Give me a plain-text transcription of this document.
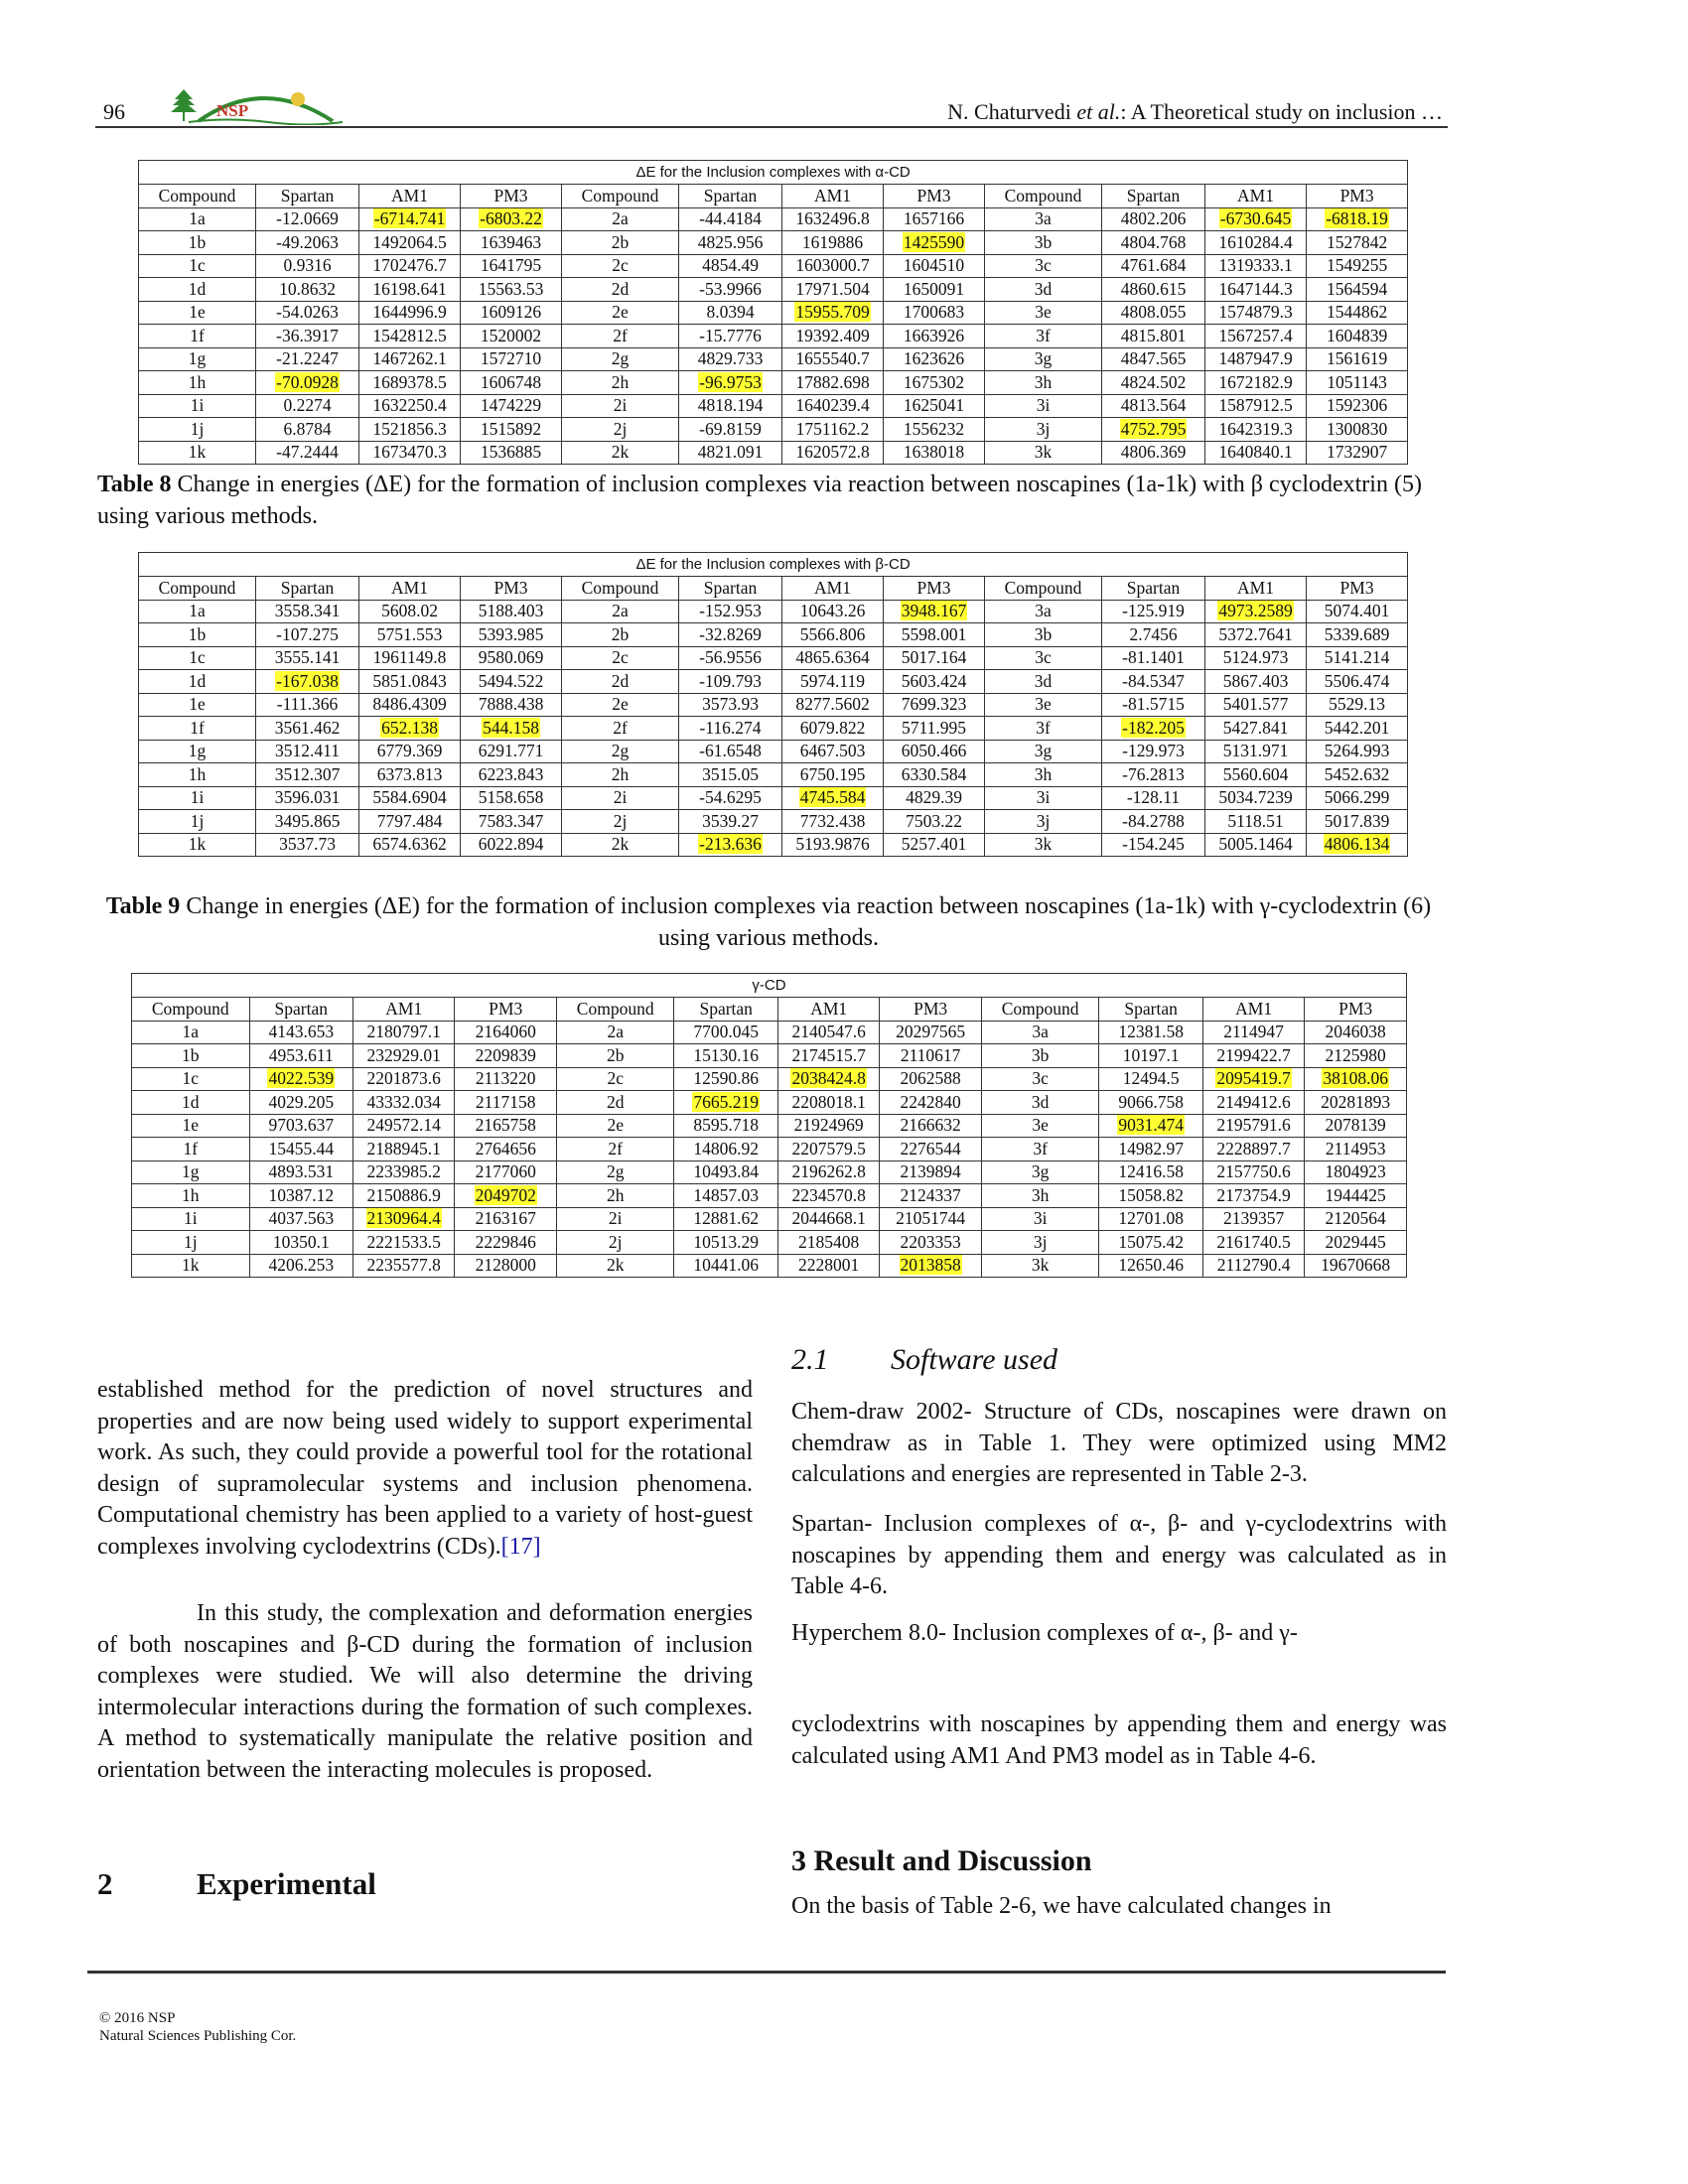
96	NSP	N. Chaturvedi et al.: A Theoretical study on inclusion …
ΔE for the Inclusion complexes with α-CD											
Compound	Spartan	AM1	PM3	Compound	Spartan	AM1	PM3	Compound	Spartan	AM1	PM3
1a	-12.0669	-6714.741	-6803.22	2a	-44.4184	1632496.8	1657166	3a	4802.206	-6730.645	-6818.19
1b	-49.2063	1492064.5	1639463	2b	4825.956	1619886	1425590	3b	4804.768	1610284.4	1527842
1c	0.9316	1702476.7	1641795	2c	4854.49	1603000.7	1604510	3c	4761.684	1319333.1	1549255
1d	10.8632	16198.641	15563.53	2d	-53.9966	17971.504	1650091	3d	4860.615	1647144.3	1564594
1e	-54.0263	1644996.9	1609126	2e	8.0394	15955.709	1700683	3e	4808.055	1574879.3	1544862
1f	-36.3917	1542812.5	1520002	2f	-15.7776	19392.409	1663926	3f	4815.801	1567257.4	1604839
1g	-21.2247	1467262.1	1572710	2g	4829.733	1655540.7	1623626	3g	4847.565	1487947.9	1561619
1h	-70.0928	1689378.5	1606748	2h	-96.9753	17882.698	1675302	3h	4824.502	1672182.9	1051143
1i	0.2274	1632250.4	1474229	2i	4818.194	1640239.4	1625041	3i	4813.564	1587912.5	1592306
1j	6.8784	1521856.3	1515892	2j	-69.8159	1751162.2	1556232	3j	4752.795	1642319.3	1300830
1k	-47.2444	1673470.3	1536885	2k	4821.091	1620572.8	1638018	3k	4806.369	1640840.1	1732907
Table 8 Change in energies (ΔE) for the formation of inclusion complexes via reaction between noscapines (1a-1k) with β cyclodextrin (5) using various methods.
ΔE for the Inclusion complexes with β-CD											
Compound	Spartan	AM1	PM3	Compound	Spartan	AM1	PM3	Compound	Spartan	AM1	PM3
1a	3558.341	5608.02	5188.403	2a	-152.953	10643.26	3948.167	3a	-125.919	4973.2589	5074.401
1b	-107.275	5751.553	5393.985	2b	-32.8269	5566.806	5598.001	3b	2.7456	5372.7641	5339.689
1c	3555.141	1961149.8	9580.069	2c	-56.9556	4865.6364	5017.164	3c	-81.1401	5124.973	5141.214
1d	-167.038	5851.0843	5494.522	2d	-109.793	5974.119	5603.424	3d	-84.5347	5867.403	5506.474
1e	-111.366	8486.4309	7888.438	2e	3573.93	8277.5602	7699.323	3e	-81.5715	5401.577	5529.13
1f	3561.462	652.138	544.158	2f	-116.274	6079.822	5711.995	3f	-182.205	5427.841	5442.201
1g	3512.411	6779.369	6291.771	2g	-61.6548	6467.503	6050.466	3g	-129.973	5131.971	5264.993
1h	3512.307	6373.813	6223.843	2h	3515.05	6750.195	6330.584	3h	-76.2813	5560.604	5452.632
1i	3596.031	5584.6904	5158.658	2i	-54.6295	4745.584	4829.39	3i	-128.11	5034.7239	5066.299
1j	3495.865	7797.484	7583.347	2j	3539.27	7732.438	7503.22	3j	-84.2788	5118.51	5017.839
1k	3537.73	6574.6362	6022.894	2k	-213.636	5193.9876	5257.401	3k	-154.245	5005.1464	4806.134
Table 9 Change in energies (ΔE) for the formation of inclusion complexes via reaction between noscapines (1a-1k) with γ-cyclodextrin (6) using various methods.
γ-CD											
Compound	Spartan	AM1	PM3	Compound	Spartan	AM1	PM3	Compound	Spartan	AM1	PM3
1a	4143.653	2180797.1	2164060	2a	7700.045	2140547.6	20297565	3a	12381.58	2114947	2046038
1b	4953.611	232929.01	2209839	2b	15130.16	2174515.7	2110617	3b	10197.1	2199422.7	2125980
1c	4022.539	2201873.6	2113220	2c	12590.86	2038424.8	2062588	3c	12494.5	2095419.7	38108.06
1d	4029.205	43332.034	2117158	2d	7665.219	2208018.1	2242840	3d	9066.758	2149412.6	20281893
1e	9703.637	249572.14	2165758	2e	8595.718	21924969	2166632	3e	9031.474	2195791.6	2078139
1f	15455.44	2188945.1	2764656	2f	14806.92	2207579.5	2276544	3f	14982.97	2228897.7	2114953
1g	4893.531	2233985.2	2177060	2g	10493.84	2196262.8	2139894	3g	12416.58	2157750.6	1804923
1h	10387.12	2150886.9	2049702	2h	14857.03	2234570.8	2124337	3h	15058.82	2173754.9	1944425
1i	4037.563	2130964.4	2163167	2i	12881.62	2044668.1	21051744	3i	12701.08	2139357	2120564
1j	10350.1	2221533.5	2229846	2j	10513.29	2185408	2203353	3j	15075.42	2161740.5	2029445
1k	4206.253	2235577.8	2128000	2k	10441.06	2228001	2013858	3k	12650.46	2112790.4	19670668
established method for the prediction of novel structures and properties and are now being used widely to support experimental work. As such, they could provide a powerful tool for the rotational design of supramolecular systems and inclusion phenomena. Computational chemistry has been applied to a variety of host-guest complexes involving cyclodextrins (CDs).[17]
In this study, the complexation and deformation energies of both noscapines and β-CD during the formation of inclusion complexes were studied. We will also determine the driving intermolecular interactions during the formation of such complexes. A method to systematically manipulate the relative position and orientation between the interacting molecules is proposed.
2	Experimental
2.1 Software used
Chem-draw 2002- Structure of CDs, noscapines were drawn on chemdraw as in Table 1. They were optimized using MM2 calculations and energies are represented in Table 2-3.
Spartan- Inclusion complexes of α-, β- and γ-cyclodextrins with noscapines by appending them and energy was calculated as in Table 4-6.
Hyperchem 8.0- Inclusion complexes of α-, β- and γ-
cyclodextrins with noscapines by appending them and energy was calculated using AM1 And PM3 model as in Table 4-6.
3 Result and Discussion
On the basis of Table 2-6, we have calculated changes in
© 2016 NSP
Natural Sciences Publishing Cor.
